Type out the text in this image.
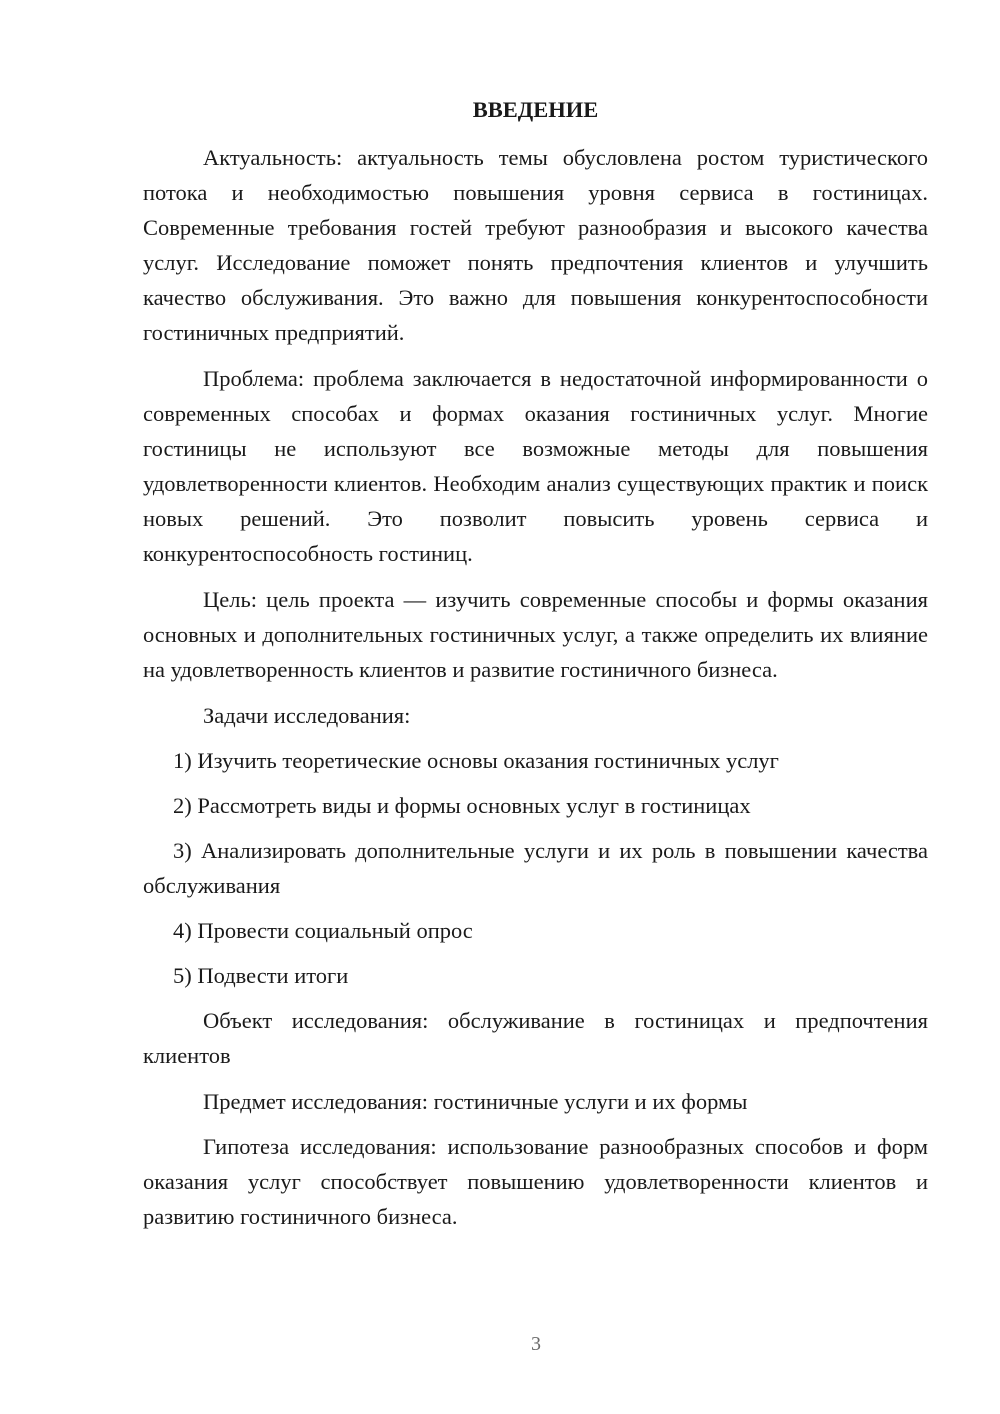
ВВЕДЕНИЕ

Актуальность: актуальность темы обусловлена ростом туристического потока и необходимостью повышения уровня сервиса в гостиницах. Современные требования гостей требуют разнообразия и высокого качества услуг. Исследование поможет понять предпочтения клиентов и улучшить качество обслуживания. Это важно для повышения конкурентоспособности гостиничных предприятий.

Проблема: проблема заключается в недостаточной информированности о современных способах и формах оказания гостиничных услуг. Многие гостиницы не используют все возможные методы для повышения удовлетворенности клиентов. Необходим анализ существующих практик и поиск новых решений. Это позволит повысить уровень сервиса и конкурентоспособность гостиниц.

Цель: цель проекта — изучить современные способы и формы оказания основных и дополнительных гостиничных услуг, а также определить их влияние на удовлетворенность клиентов и развитие гостиничного бизнеса.

Задачи исследования:

1) Изучить теоретические основы оказания гостиничных услуг

2) Рассмотреть виды и формы основных услуг в гостиницах

3) Анализировать дополнительные услуги и их роль в повышении качества обслуживания

4) Провести социальный опрос

5) Подвести итоги

Объект исследования: обслуживание в гостиницах и предпочтения клиентов

Предмет исследования: гостиничные услуги и их формы

Гипотеза исследования: использование разнообразных способов и форм оказания услуг способствует повышению удовлетворенности клиентов и развитию гостиничного бизнеса.

3
